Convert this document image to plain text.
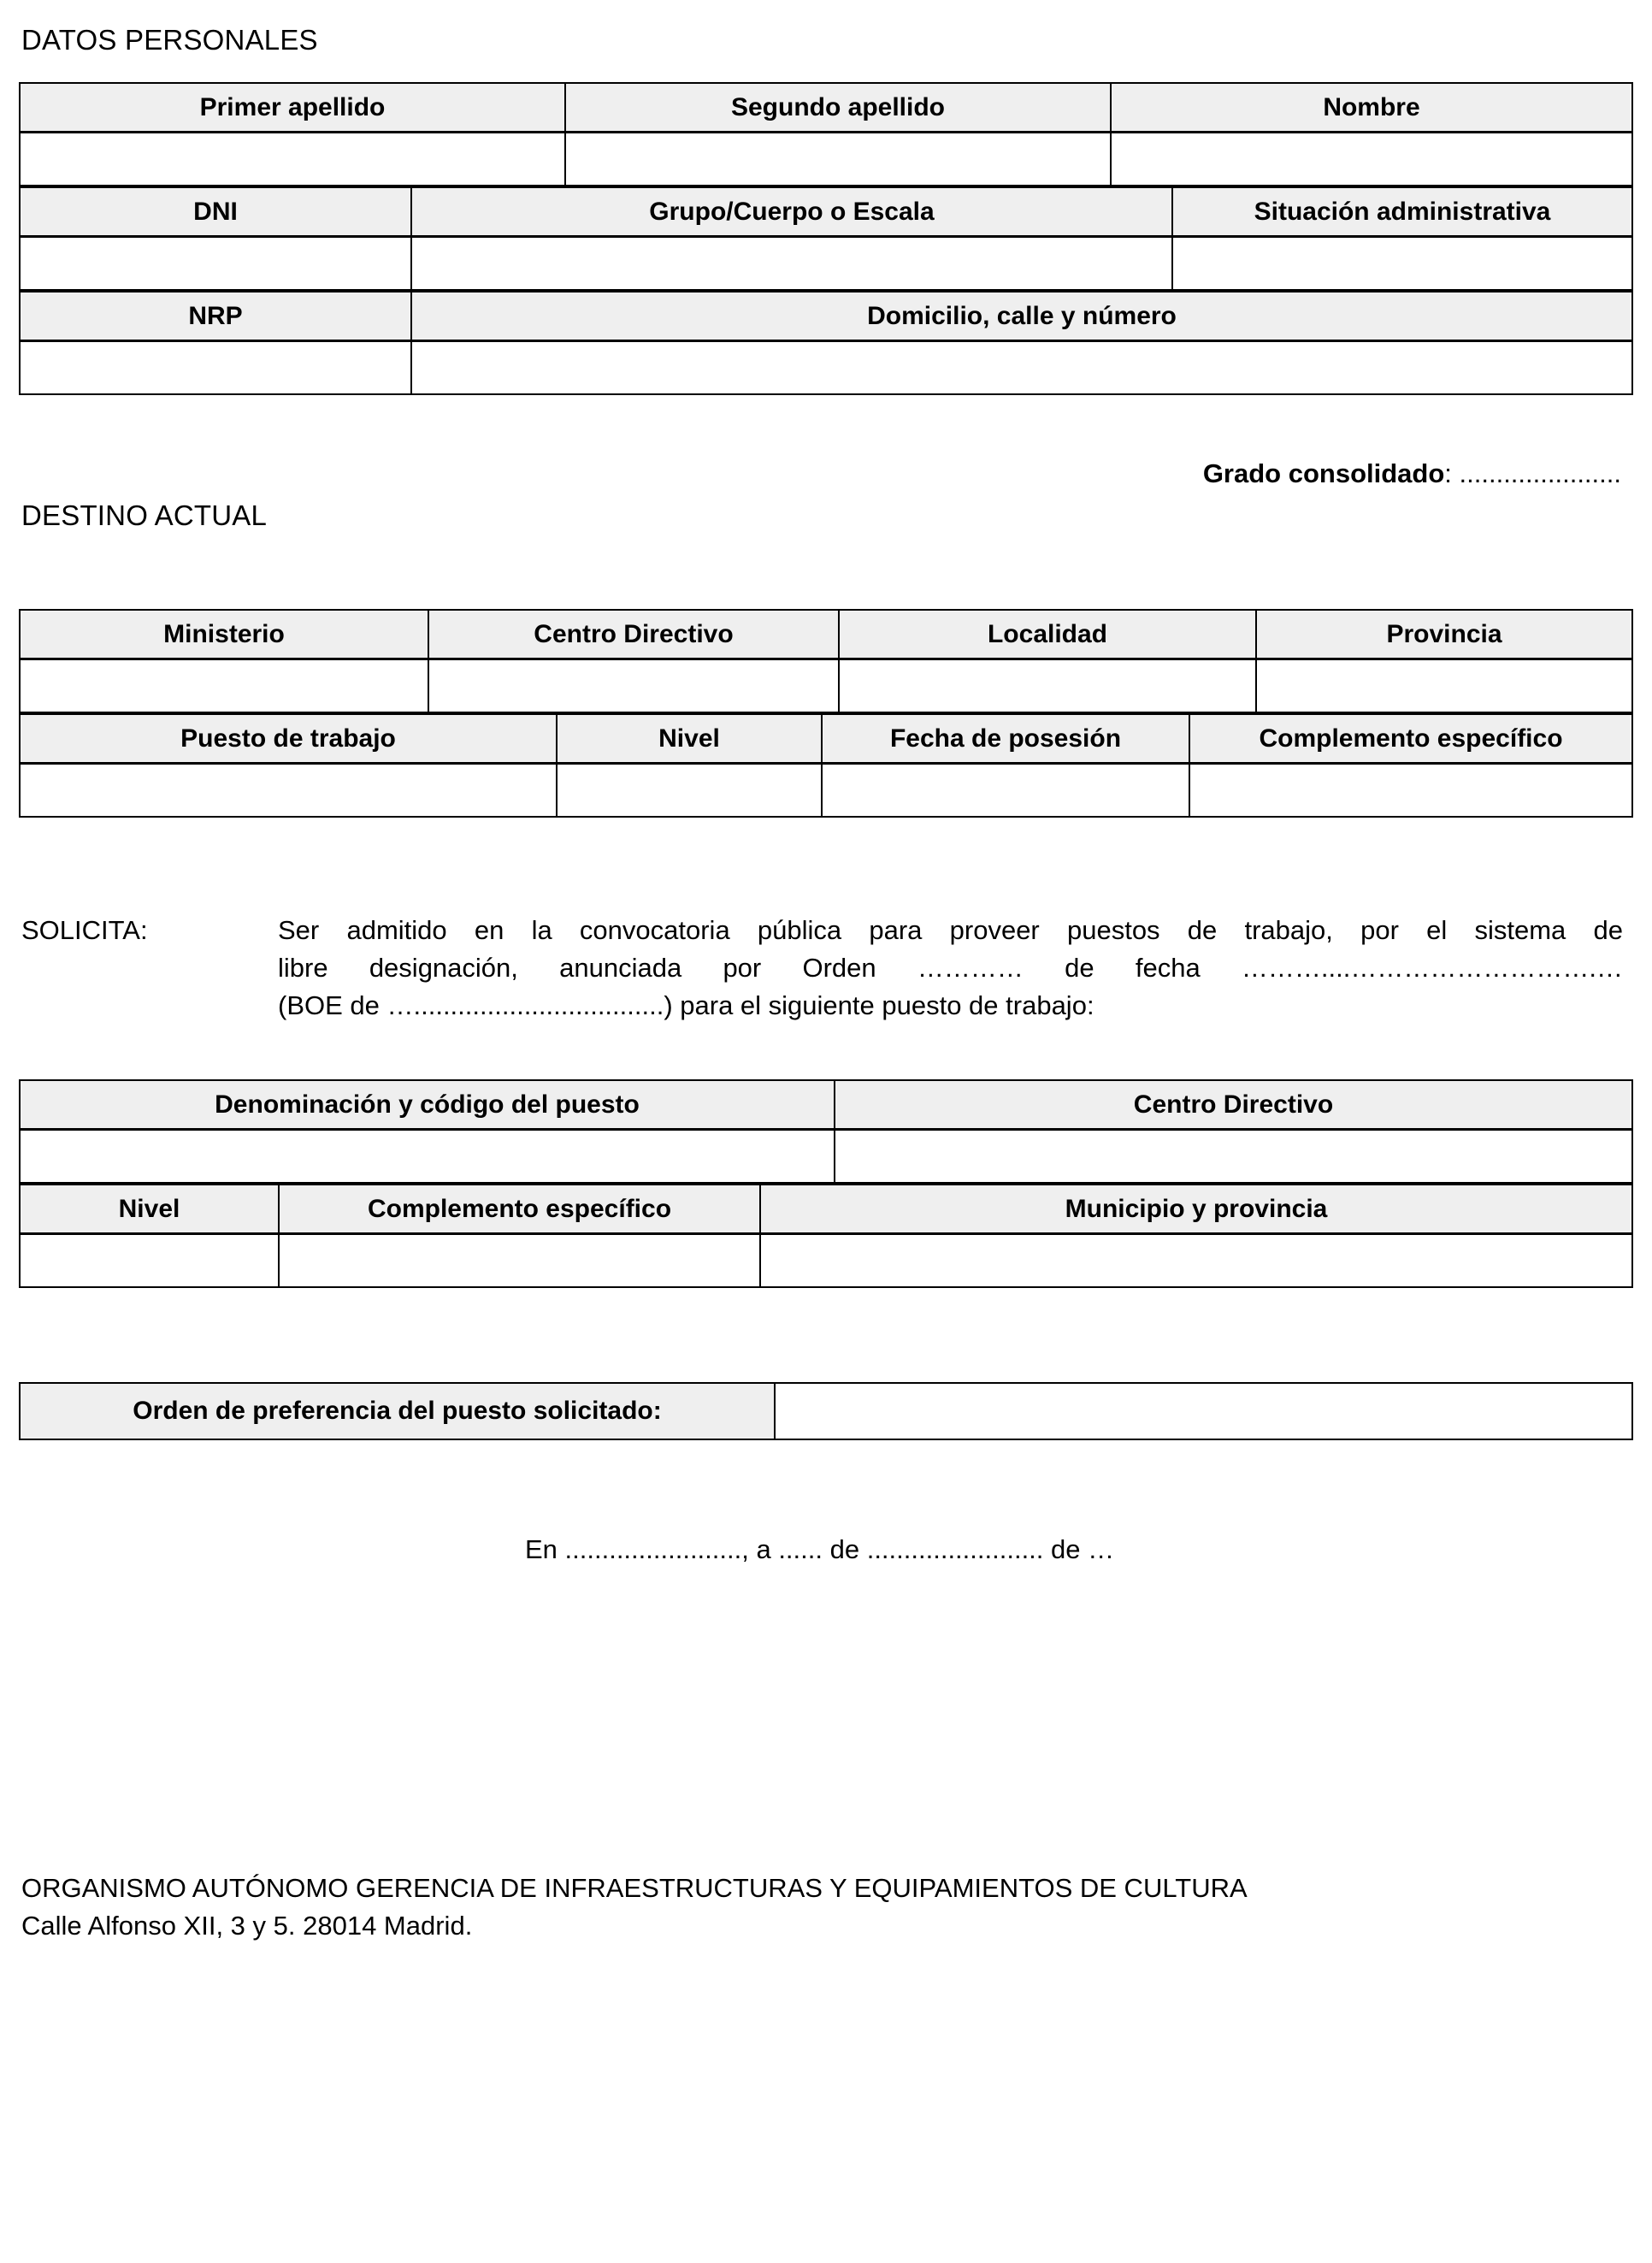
DATOS PERSONALES
Primer apellido	Segundo apellido	Nombre

DNI	Grupo/Cuerpo o Escala	Situación administrativa

NRP	Domicilio, calle y número

Grado consolidado: ......................
DESTINO ACTUAL
Ministerio	Centro Directivo	Localidad	Provincia

Puesto de trabajo	Nivel	Fecha de posesión	Complemento específico

SOLICITA:	Ser admitido en la convocatoria pública para proveer puestos de trabajo, por el sistema de
libre designación, anunciada por Orden ………… de fecha ………....……………………….…
(BOE de …..................................) para el siguiente puesto de trabajo:
Denominación y código del puesto	Centro Directivo

Nivel	Complemento específico	Municipio y provincia

Orden de preferencia del puesto solicitado:	
En ........................, a ...... de ........................ de …
ORGANISMO AUTÓNOMO GERENCIA DE INFRAESTRUCTURAS Y EQUIPAMIENTOS DE CULTURA
Calle Alfonso XII, 3 y 5. 28014 Madrid.
